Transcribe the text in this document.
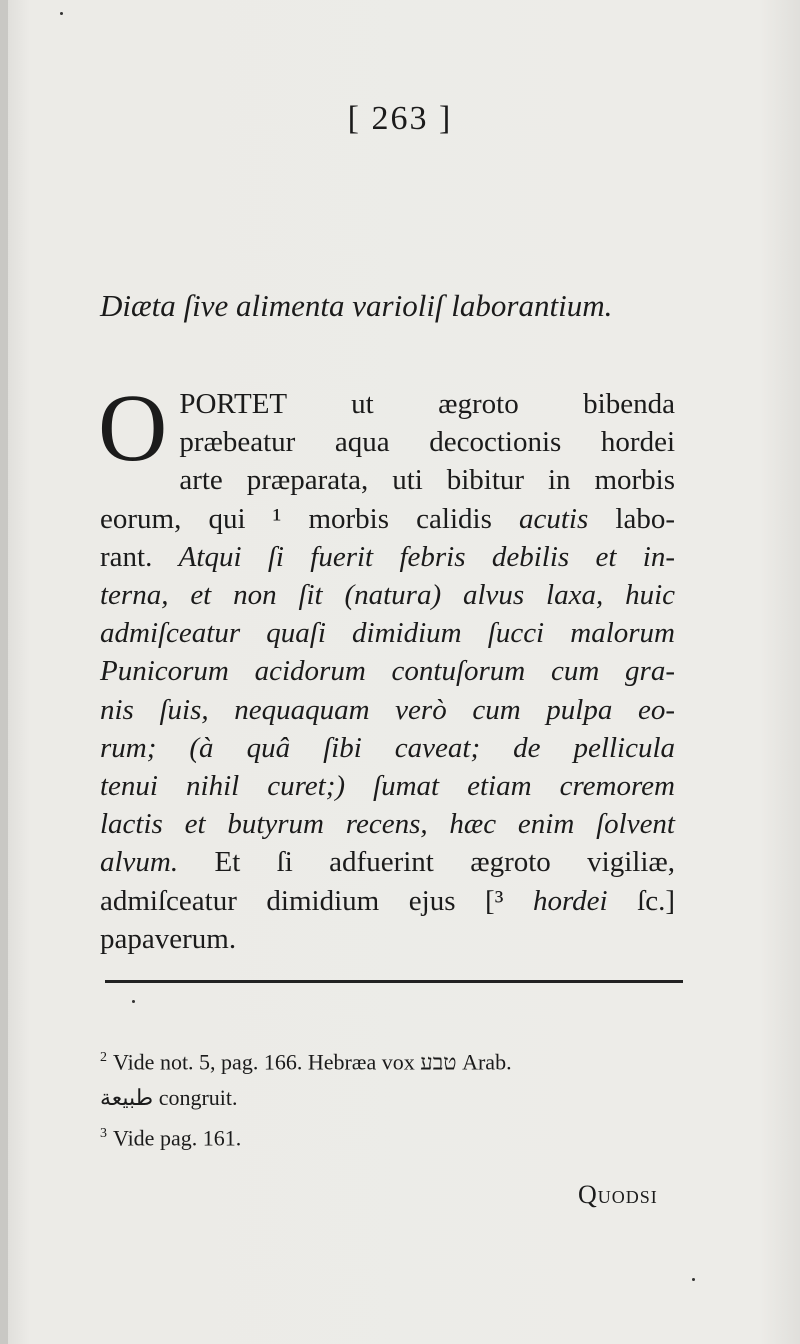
[ 263 ]
Diæta ſive alimenta varioliſ laborantium.
O PORTET ut ægroto bibenda
præbeatur aqua decoctionis hordei
arte præparata, uti bibitur in morbis
eorum, qui ¹ morbis calidis acutis labo-
rant. Atqui ſi fuerit febris debilis et in-
terna, et non ſit (natura) alvus laxa, huic
admiſceatur quaſi dimidium ſucci malorum
Punicorum acidorum contuſorum cum gra-
nis ſuis, nequaquam verò cum pulpa eo-
rum; (à quâ ſibi caveat; de pellicula
tenui nihil curet;) ſumat etiam cremorem
lactis et butyrum recens, hæc enim ſolvent
alvum. Et ſi adfuerint ægroto vigiliæ,
admiſceatur dimidium ejus [³ hordei ſc.]
papaverum.
$^2$ Vide not. 5, pag. 166. Hebræa vox טבע Arab.
طبيعة congruit.
$^3$ Vide pag. 161.
Quodsi
